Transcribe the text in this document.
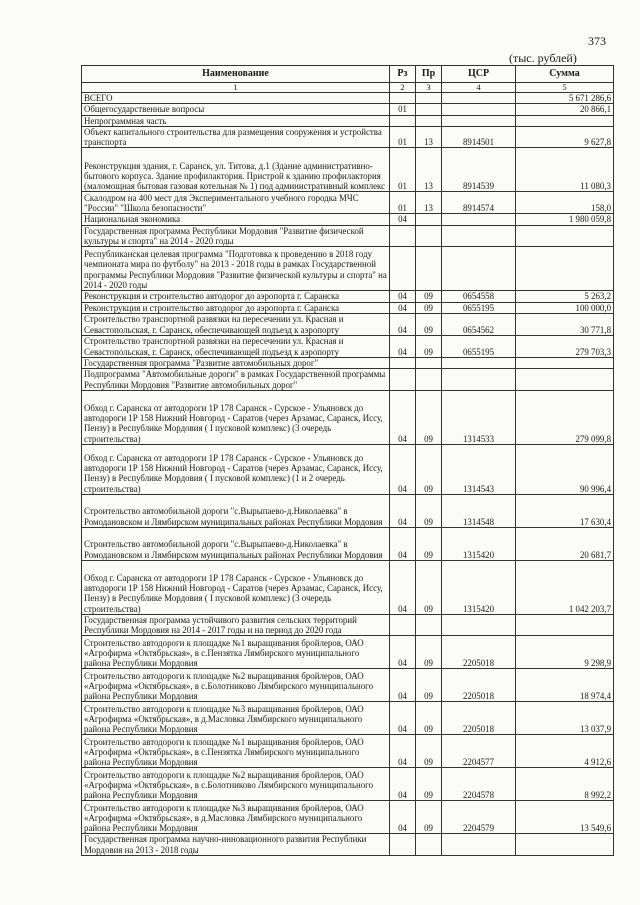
373
(тыс. рублей)
Наименование	Рз	Пр	ЦСР	Сумма
1	2	3	4	5
ВСЕГО				5 671 286,6
Общегосударственные вопросы	01			20 866,1
Непрограммная часть				
Объект капитального строительства для размещения сооружения и устройства транспорта	01	13	8914501	9 627,8
Реконструкция здания, г. Саранск, ул. Титова, д.1 (Здание административно-бытового корпуса. Здание профилактория. Пристрой к зданию профилактория (маломощная бытовая газовая котельная № 1) под административный комплекс	01	13	8914539	11 080,3
Скалодром на 400 мест для Экспериментального учебного городка МЧС "России" "Школа безопасности"	01	13	8914574	158,0
Национальная экономика	04			1 980 059,8
Государственная программа Республики Мордовия "Развитие физической культуры и спорта" на 2014 - 2020 годы				
Республиканская целевая программа "Подготовка к проведению в 2018 году чемпионата мира по футболу" на 2013 - 2018 годы в рамках Государственной программы Республики Мордовия "Развитие физической культуры и спорта" на 2014 - 2020 годы				
Реконструкция и строительство автодорог до аэропорта г. Саранска	04	09	0654558	5 263,2
Реконструкция и строительство автодорог до аэропорта г. Саранска	04	09	0655195	100 000,0
Строительство транспортной развязки на пересечении ул. Красная и Севастопольская, г. Саранск, обеспечивающей подъезд к аэропорту	04	09	0654562	30 771,8
Строительство транспортной развязки на пересечении ул. Красная и Севастопольская, г. Саранск, обеспечивающей подъезд к аэропорту	04	09	0655195	279 703,3
Государственная программа "Развитие автомобильных дорог"				
Подпрограмма "Автомобильные дороги" в рамках Государственной программы Республики Мордовия "Развитие автомобильных дорог"				
Обход г. Саранска от автодороги 1Р 178 Саранск - Сурское - Ульяновск до автодороги 1Р 158 Нижний Новгород - Саратов (через Арзамас, Саранск, Иссу, Пензу) в Республике Мордовия ( I пусковой комплекс) (3 очередь строительства)	04	09	1314533	279 099,8
Обход г. Саранска от автодороги 1Р 178 Саранск - Сурское - Ульяновск до автодороги 1Р 158 Нижний Новгород - Саратов (через Арзамас, Саранск, Иссу, Пензу) в Республике Мордовия ( I пусковой комплекс) (1 и 2 очередь строительства)	04	09	1314543	90 996,4
Строительство автомобильной дороги "с.Вырыпаево-д.Николаевка" в Ромодановском и Лямбирском муниципальных районах Республики Мордовия	04	09	1314548	17 630,4
Строительство автомобильной дороги "с.Вырыпаево-д.Николаевка" в Ромодановском и Лямбирском муниципальных районах Республики Мордовия	04	09	1315420	20 681,7
Обход г. Саранска от автодороги 1Р 178 Саранск - Сурское - Ульяновск до автодороги 1Р 158 Нижний Новгород - Саратов (через Арзамас, Саранск, Иссу, Пензу) в Республике Мордовия ( I пусковой комплекс) (3 очередь строительства)	04	09	1315420	1 042 203,7
Государственная программа устойчивого развития сельских территорий Республики Мордовия на 2014 - 2017 годы и на период до 2020 года				
Строительство автодороги к площадке №1 выращивания бройлеров, ОАО «Агрофирма «Октябрьская», в с.Пензятка Лямбирского муниципального района Республики Мордовия	04	09	2205018	9 298,9
Строительство автодороги к площадке №2 выращивания бройлеров, ОАО «Агрофирма «Октябрьская», в с.Болотниково Лямбирского муниципального района Республики Мордовия	04	09	2205018	18 974,4
Строительство автодороги к площадке №3 выращивания бройлеров, ОАО «Агрофирма «Октябрьская», в д.Масловка Лямбирского муниципального района Республики Мордовия	04	09	2205018	13 037,9
Строительство автодороги к площадке №1 выращивания бройлеров, ОАО «Агрофирма «Октябрьская», в с.Пензятка Лямбирского муниципального района Республики Мордовия	04	09	2204577	4 912,6
Строительство автодороги к площадке №2 выращивания бройлеров, ОАО «Агрофирма «Октябрьская», в с.Болотниково Лямбирского муниципального района Республики Мордовия	04	09	2204578	8 992,2
Строительство автодороги к площадке №3 выращивания бройлеров, ОАО «Агрофирма «Октябрьская», в д.Масловка Лямбирского муниципального района Республики Мордовия	04	09	2204579	13 549,6
Государственная программа научно-инновационного развития Республики Мордовия на 2013 - 2018 годы				
